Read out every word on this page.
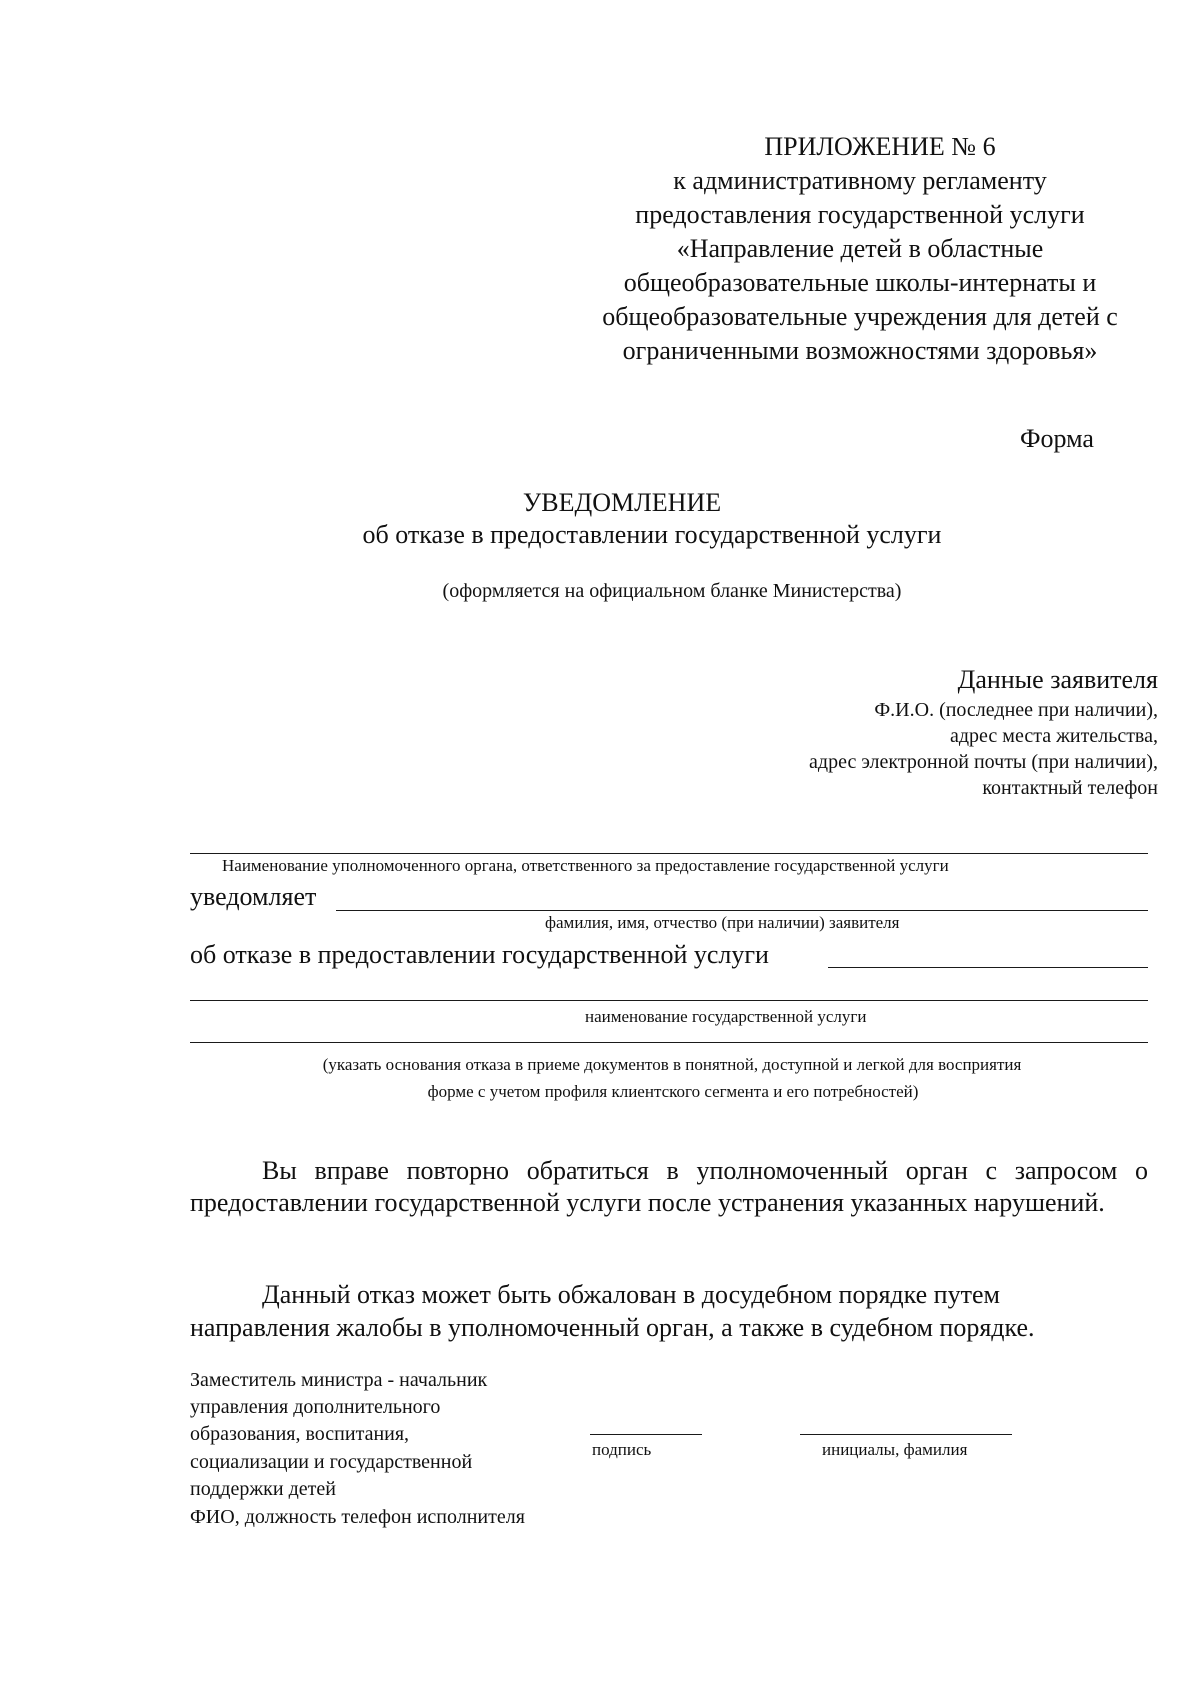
ПРИЛОЖЕНИЕ № 6
к административному регламенту
предоставления государственной услуги
«Направление детей в областные
общеобразовательные школы-интернаты и
общеобразовательные учреждения для детей с
ограниченными возможностями здоровья»
Форма
УВЕДОМЛЕНИЕ
об отказе в предоставлении государственной услуги
(оформляется на официальном бланке Министерства)
Данные заявителя
Ф.И.О. (последнее при наличии),
адрес места жительства,
адрес электронной почты (при наличии),
контактный телефон
Наименование уполномоченного органа, ответственного за предоставление государственной услуги
уведомляет
фамилия, имя, отчество (при наличии) заявителя
об отказе в предоставлении государственной услуги
наименование государственной услуги
(указать основания отказа в приеме документов в понятной, доступной и легкой для восприятия
форме с учетом профиля клиентского сегмента и его потребностей)
Вы вправе повторно обратиться в уполномоченный орган с запросом о предоставлении государственной услуги после устранения указанных нарушений.
Данный отказ может быть обжалован в досудебном порядке путем
направления жалобы в уполномоченный орган, а также в судебном порядке.
Заместитель министра - начальник
управления дополнительного
образования, воспитания,
социализации и государственной
поддержки детей
ФИО, должность телефон исполнителя
подпись	инициалы, фамилия
